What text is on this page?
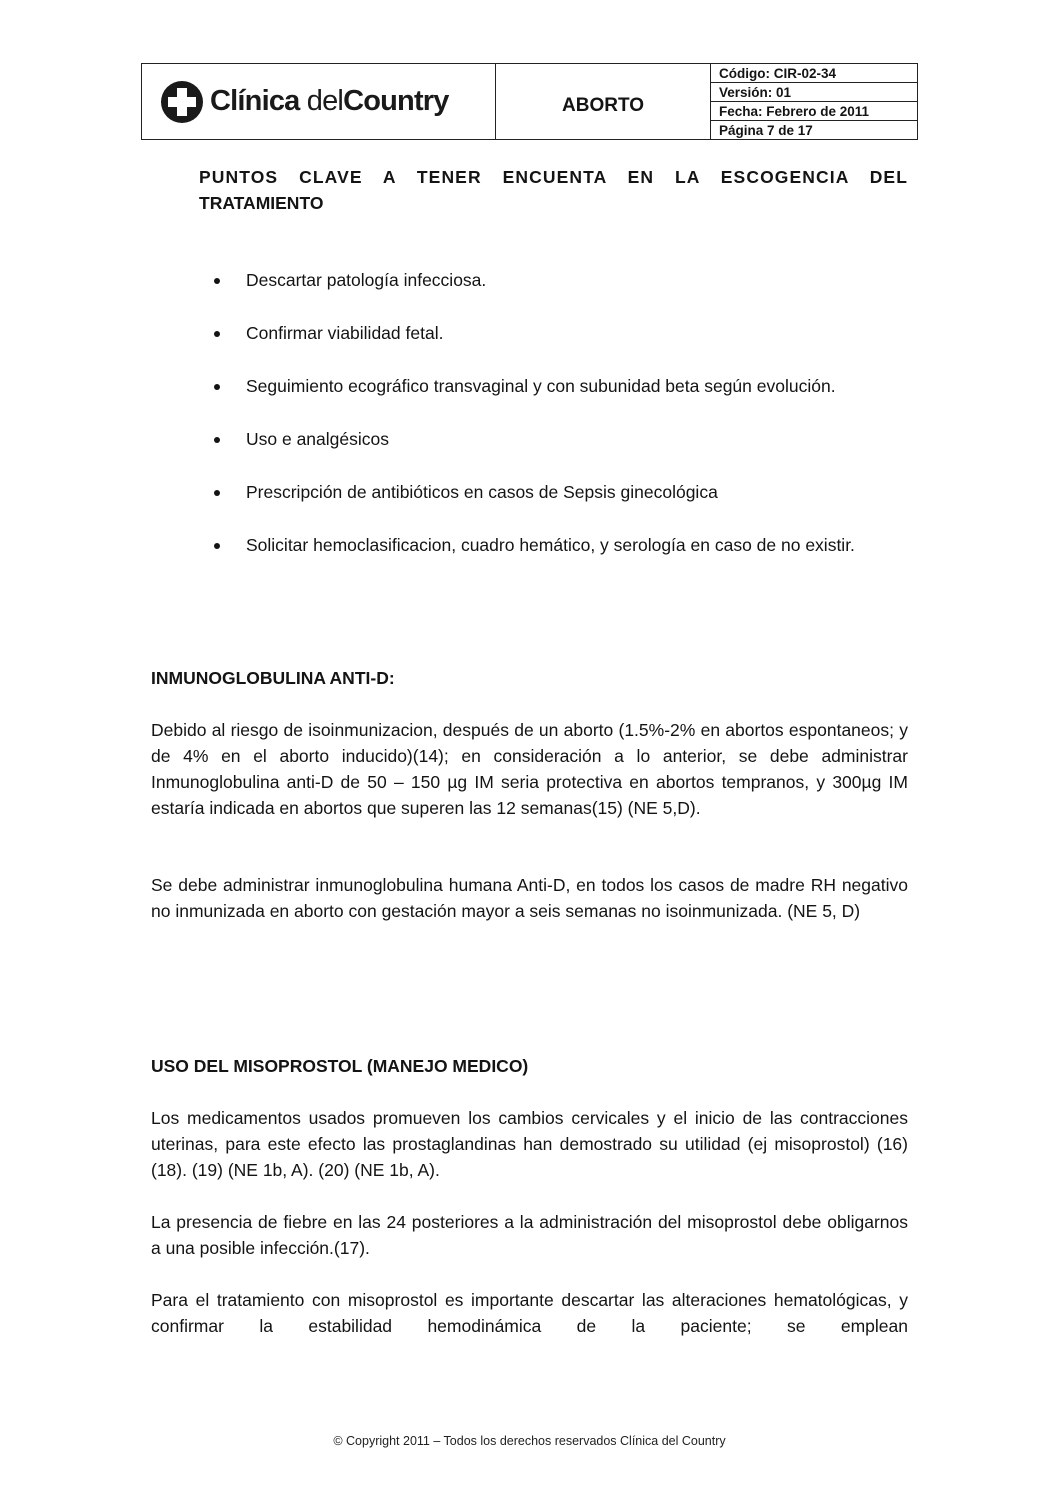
Clínica delCountry	ABORTO
Código: CIR-02-34
Versión: 01
Fecha: Febrero de 2011
Página 7 de 17
PUNTOS CLAVE A TENER ENCUENTA EN LA ESCOGENCIA DEL
TRATAMIENTO
Descartar patología infecciosa.
Confirmar viabilidad fetal.
Seguimiento ecográfico transvaginal y con subunidad beta según evolución.
Uso e analgésicos
Prescripción de antibióticos en casos de Sepsis ginecológica
Solicitar hemoclasificacion, cuadro hemático, y serología en caso de no existir.
INMUNOGLOBULINA ANTI-D:
Debido al riesgo de isoinmunizacion, después de un aborto (1.5%-2% en abortos espontaneos; y de 4% en el aborto inducido)(14); en consideración a lo anterior, se debe administrar Inmunoglobulina anti-D de 50 – 150 µg IM seria protectiva en abortos tempranos, y 300µg IM estaría indicada en abortos que superen las 12 semanas(15) (NE 5,D).
Se debe administrar inmunoglobulina humana Anti-D, en todos los casos de madre RH negativo no inmunizada en aborto con gestación mayor a seis semanas no isoinmunizada. (NE 5, D)
USO DEL MISOPROSTOL (MANEJO MEDICO)
Los medicamentos usados promueven los cambios cervicales y el inicio de las contracciones uterinas, para este efecto las prostaglandinas han demostrado su utilidad (ej misoprostol) (16) (18). (19) (NE 1b, A). (20) (NE 1b, A).
La presencia de fiebre en las 24 posteriores a la administración del misoprostol debe obligarnos a una posible infección.(17).
Para el tratamiento con misoprostol es importante descartar las alteraciones hematológicas, y confirmar la estabilidad hemodinámica de la paciente; se emplean
© Copyright 2011 – Todos los derechos reservados Clínica del Country
